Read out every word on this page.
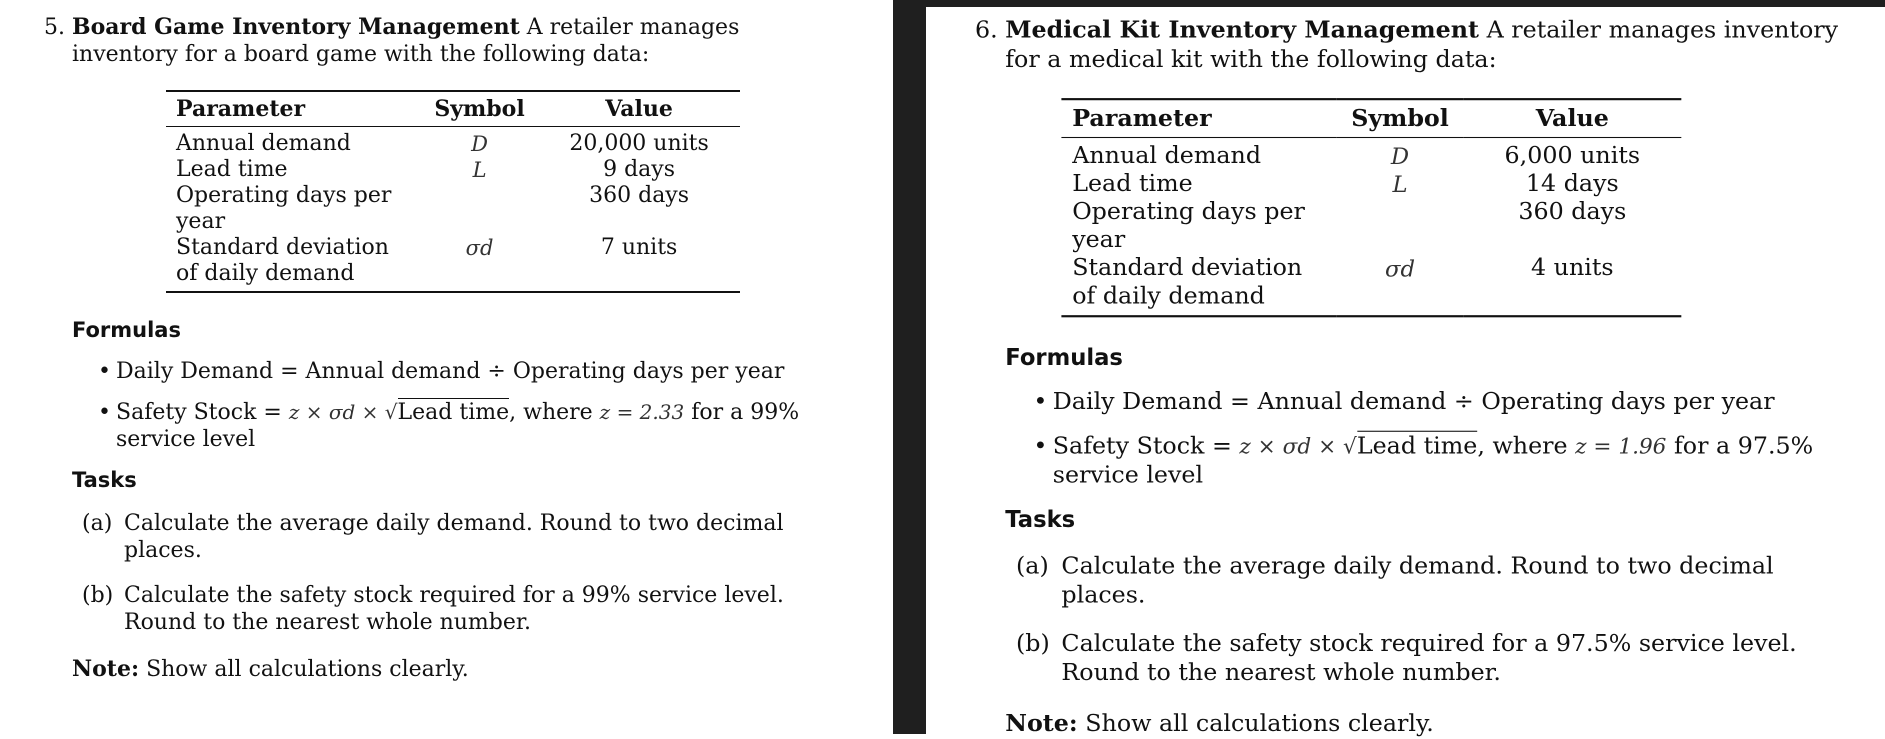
5. Board Game Inventory Management A retailer manages inventory for a board game with the following data:
Parameter	Symbol	Value
Annual demand	D	20,000 units
Lead time	L	9 days
Operating days per year		360 days
Standard deviation of daily demand	σd	7 units
Formulas
• Daily Demand = Annual demand ÷ Operating days per year
• Safety Stock = z × σd × √Lead time, where z = 2.33 for a 99% service level
Tasks
(a) Calculate the average daily demand. Round to two decimal places.
(b) Calculate the safety stock required for a 99% service level. Round to the nearest whole number.
Note: Show all calculations clearly.
6. Medical Kit Inventory Management A retailer manages inventory for a medical kit with the following data:
Parameter	Symbol	Value
Annual demand	D	6,000 units
Lead time	L	14 days
Operating days per year		360 days
Standard deviation of daily demand	σd	4 units
Formulas
• Daily Demand = Annual demand ÷ Operating days per year
• Safety Stock = z × σd × √Lead time, where z = 1.96 for a 97.5% service level
Tasks
(a) Calculate the average daily demand. Round to two decimal places.
(b) Calculate the safety stock required for a 97.5% service level. Round to the nearest whole number.
Note: Show all calculations clearly.
